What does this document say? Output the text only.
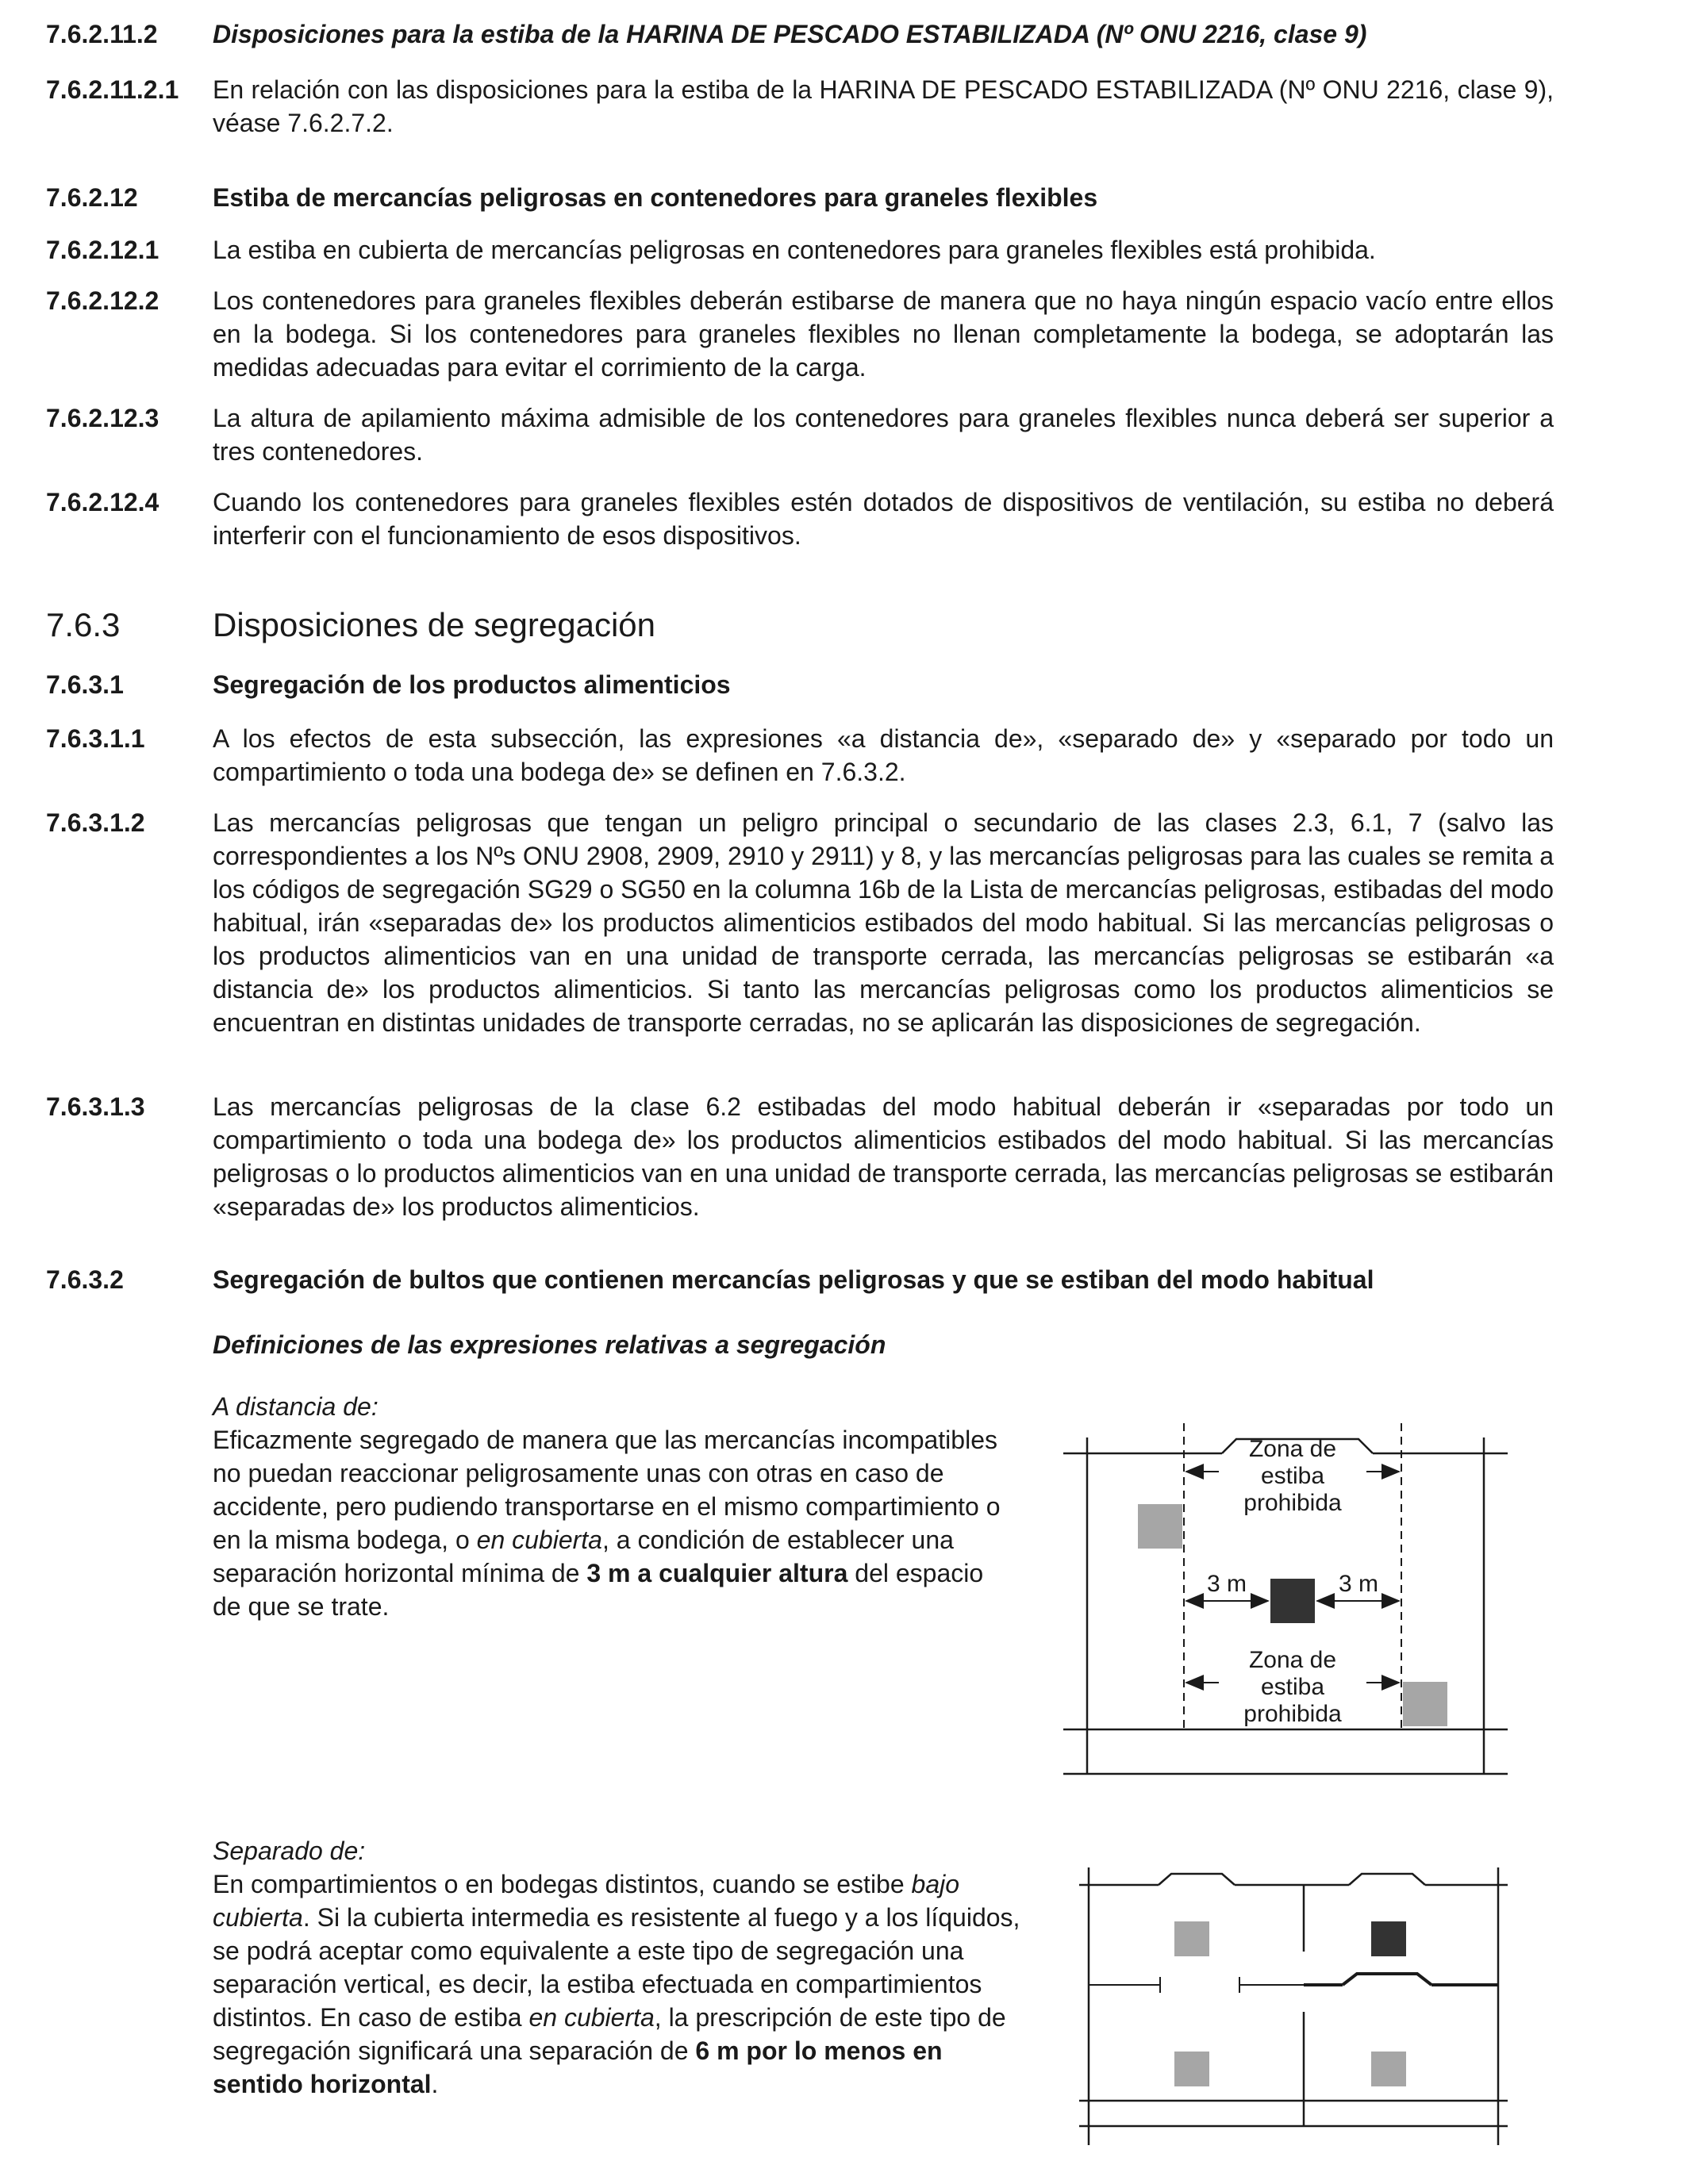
7.6.2.11.2 Disposiciones para la estiba de la HARINA DE PESCADO ESTABILIZADA (Nº ONU 2216, clase 9)

7.6.2.11.2.1 En relación con las disposiciones para la estiba de la HARINA DE PESCADO ESTABILIZADA (Nº ONU 2216, clase 9), véase 7.6.2.7.2.

7.6.2.12	Estiba de mercancías peligrosas en contenedores para graneles flexibles

7.6.2.12.1 La estiba en cubierta de mercancías peligrosas en contenedores para graneles flexibles está prohibida.

7.6.2.12.2 Los contenedores para graneles flexibles deberán estibarse de manera que no haya ningún espacio vacío entre ellos en la bodega. Si los contenedores para graneles flexibles no llenan completamente la bodega, se adoptarán las medidas adecuadas para evitar el corrimiento de la carga.

7.6.2.12.3 La altura de apilamiento máxima admisible de los contenedores para graneles flexibles nunca deberá ser superior a tres contenedores.

7.6.2.12.4 Cuando los contenedores para graneles flexibles estén dotados de dispositivos de ventilación, su estiba no deberá interferir con el funcionamiento de esos dispositivos.

7.6.3	Disposiciones de segregación

7.6.3.1	Segregación de los productos alimenticios

7.6.3.1.1	A los efectos de esta subsección, las expresiones «a distancia de», «separado de» y «separado por todo un compartimiento o toda una bodega de» se definen en 7.6.3.2.

7.6.3.1.2	Las mercancías peligrosas que tengan un peligro principal o secundario de las clases 2.3, 6.1, 7 (salvo las correspondientes a los Nºs ONU 2908, 2909, 2910 y 2911) y 8, y las mercancías peligrosas para las cuales se remita a los códigos de segregación SG29 o SG50 en la columna 16b de la Lista de mercancías peligrosas, estibadas del modo habitual, irán «separadas de» los productos alimenticios estibados del modo habitual. Si las mercancías peligrosas o los productos alimenticios van en una unidad de transporte cerrada, las mercancías peligrosas se estibarán «a distancia de» los productos alimenticios. Si tanto las mercancías peligrosas como los productos alimenticios se encuentran en distintas unidades de transporte cerradas, no se aplicarán las disposiciones de segregación.

7.6.3.1.3	Las mercancías peligrosas de la clase 6.2 estibadas del modo habitual deberán ir «separadas por todo un compartimiento o toda una bodega de» los productos alimenticios estibados del modo habitual. Si las mercancías peligrosas o lo productos alimenticios van en una unidad de transporte cerrada, las mercancías peligrosas se estibarán «separadas de» los productos alimenticios.

7.6.3.2	Segregación de bultos que contienen mercancías peligrosas y que se estiban del modo habitual

Definiciones de las expresiones relativas a segregación

A distancia de:

Eficazmente segregado de manera que las mercancías incompatibles no puedan reaccionar peligrosamente unas con otras en caso de accidente, pero pudiendo transportarse en el mismo compartimiento o en la misma bodega, o en cubierta, a condición de establecer una separación horizontal mínima de 3 m a cualquier altura del espacio de que se trate.

Separado de:

En compartimientos o en bodegas distintos, cuando se estibe bajo cubierta. Si la cubierta intermedia es resistente al fuego y a los líquidos, se podrá aceptar como equivalente a este tipo de segregación una separación vertical, es decir, la estiba efectuada en compartimientos distintos. En caso de estiba en cubierta, la prescripción de este tipo de segregación significará una separación de 6 m por lo menos en sentido horizontal.

Zona de
estiba
prohibida
3 m	3 m
Zona de
estiba
prohibida
